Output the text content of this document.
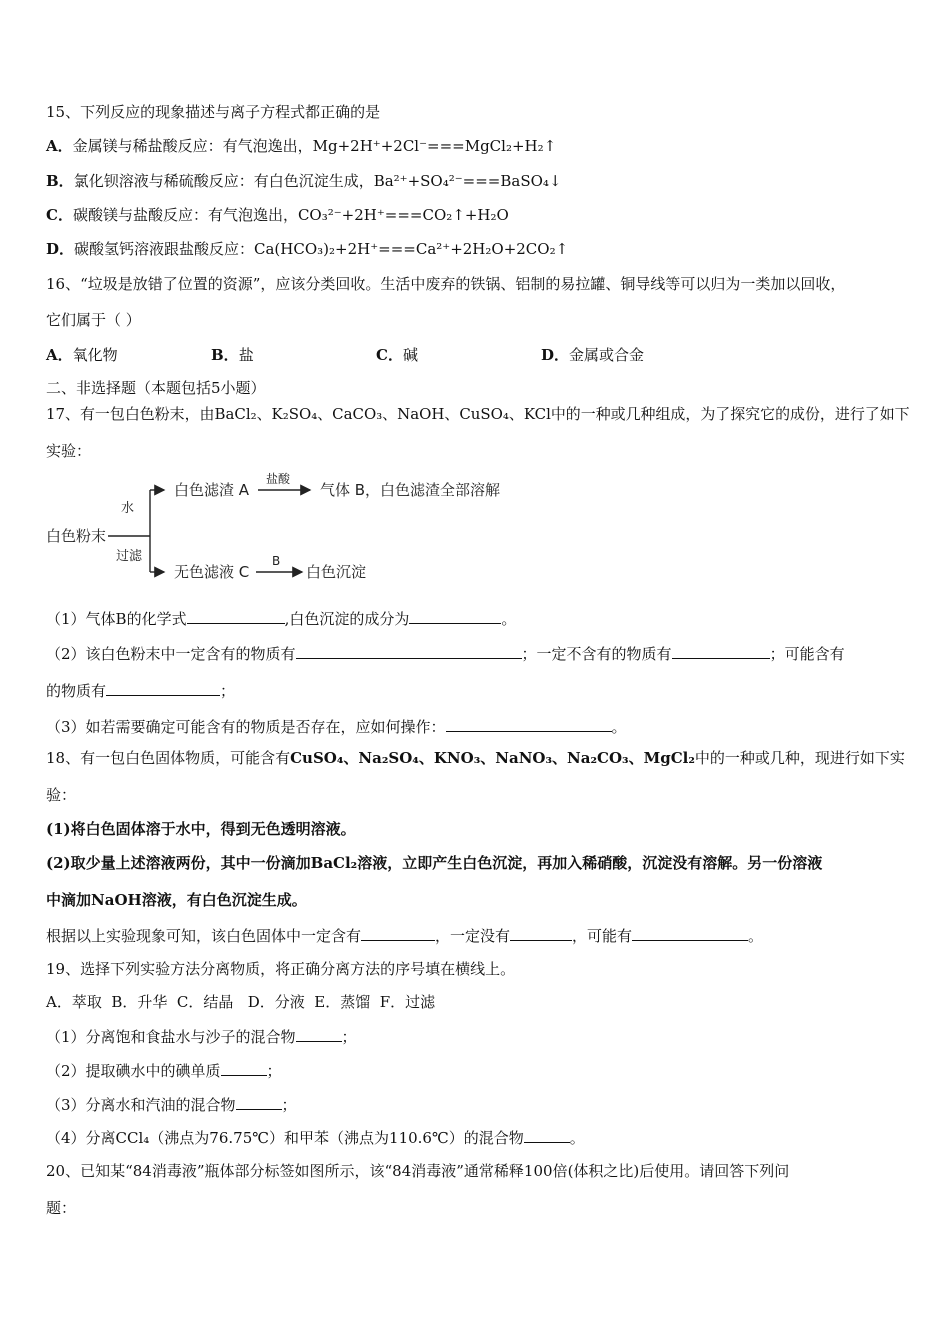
15、下列反应的现象描述与离子方程式都正确的是
A．金属镁与稀盐酸反应：有气泡逸出，Mg+2H⁺+2Cl⁻===MgCl₂+H₂↑
B．氯化钡溶液与稀硫酸反应：有白色沉淀生成，Ba²⁺+SO₄²⁻===BaSO₄↓
C．碳酸镁与盐酸反应：有气泡逸出，CO₃²⁻+2H⁺===CO₂↑+H₂O
D．碳酸氢钙溶液跟盐酸反应：Ca(HCO₃)₂+2H⁺===Ca²⁺+2H₂O+2CO₂↑
16、“垃圾是放错了位置的资源”，应该分类回收。生活中废弃的铁锅、铝制的易拉罐、铜导线等可以归为一类加以回收，
它们属于（ ）
A．氧化物	B．盐	C．碱	D．金属或合金
二、非选择题（本题包括5小题）
17、有一包白色粉末，由BaCl₂、K₂SO₄、CaCO₃、NaOH、CuSO₄、KCl中的一种或几种组成，为了探究它的成份，进行了如下
实验：
白色粉末
水
过滤
白色滤渣 A
盐酸
气体 B，白色滤渣全部溶解
无色滤液 C
B
白色沉淀
（1）气体B的化学式	,白色沉淀的成分为	。
（2）该白色粉末中一定含有的物质有	；一定不含有的物质有	；可能含有
的物质有	；
（3）如若需要确定可能含有的物质是否存在，应如何操作：	。
18、有一包白色固体物质，可能含有CuSO₄、Na₂SO₄、KNO₃、NaNO₃、Na₂CO₃、MgCl₂中的一种或几种，现进行如下实
验：
(1)将白色固体溶于水中，得到无色透明溶液。
(2)取少量上述溶液两份，其中一份滴加BaCl₂溶液，立即产生白色沉淀，再加入稀硝酸，沉淀没有溶解。另一份溶液
中滴加NaOH溶液，有白色沉淀生成。
根据以上实验现象可知，该白色固体中一定含有	，一定没有	，可能有	。
19、选择下列实验方法分离物质，将正确分离方法的序号填在横线上。
A．萃取  B．升华  C．结晶   D．分液  E．蒸馏  F．过滤
（1）分离饱和食盐水与沙子的混合物	；
（2）提取碘水中的碘单质	；
（3）分离水和汽油的混合物	；
（4）分离CCl₄（沸点为76.75℃）和甲苯（沸点为110.6℃）的混合物	。
20、已知某“84消毒液”瓶体部分标签如图所示，该“84消毒液”通常稀释100倍(体积之比)后使用。请回答下列问
题：
